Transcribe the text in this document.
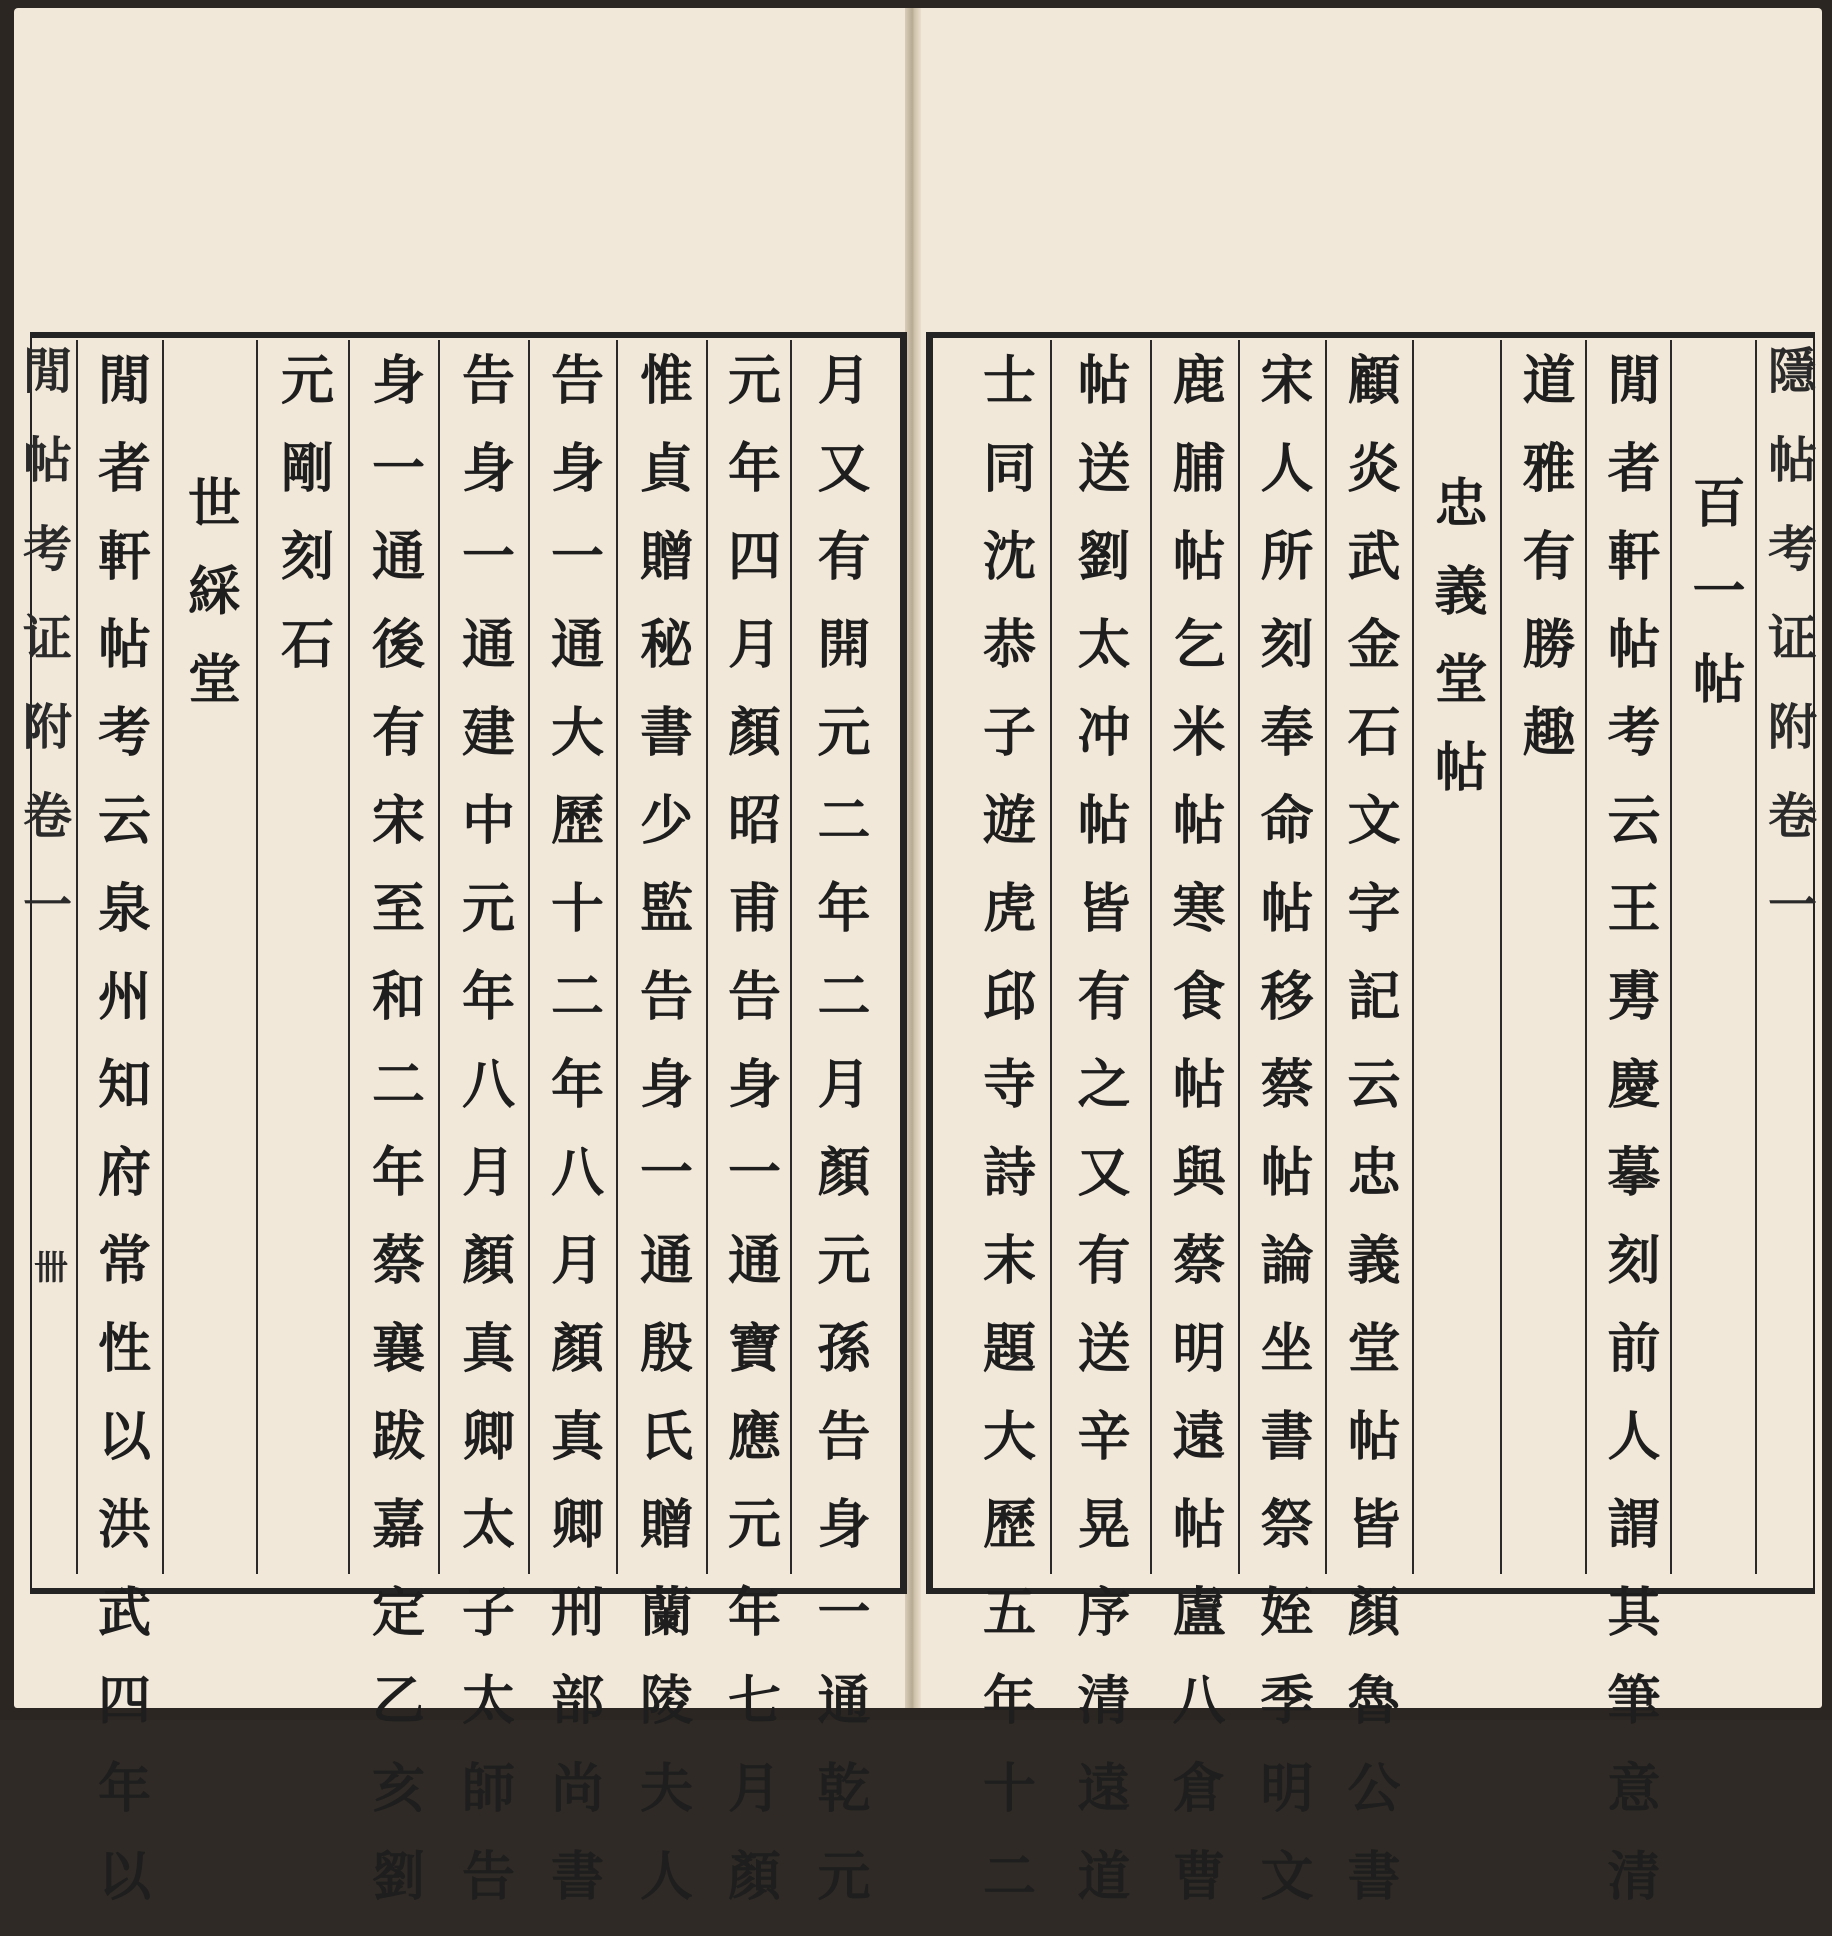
隱帖考证附卷一
閒帖考证附卷一
卌
百一帖
閒者軒帖考云王旉慶摹刻前人謂其筆意清
道雅有勝趣
忠義堂帖
顧炎武金石文字記云忠義堂帖皆顏魯公書
宋人所刻奉命帖移蔡帖論坐書祭姪季明文
鹿脯帖乞米帖寒食帖與蔡明遠帖盧八倉曹
帖送劉太冲帖皆有之又有送辛晃序清遠道
士同沈恭子遊虎邱寺詩末題大歷五年十二
月又有開元二年二月顏元孫告身一通乾元
元年四月顏昭甫告身一通寶應元年七月顏
惟貞贈秘書少監告身一通殷氏贈蘭陵夫人
告身一通大歷十二年八月顏真卿刑部尚書
告身一通建中元年八月顏真卿太子太師告
身一通後有宋至和二年蔡襄跋嘉定乙亥劉
元剛刻石
世綵堂
閒者軒帖考云泉州知府常性以洪武四年以
